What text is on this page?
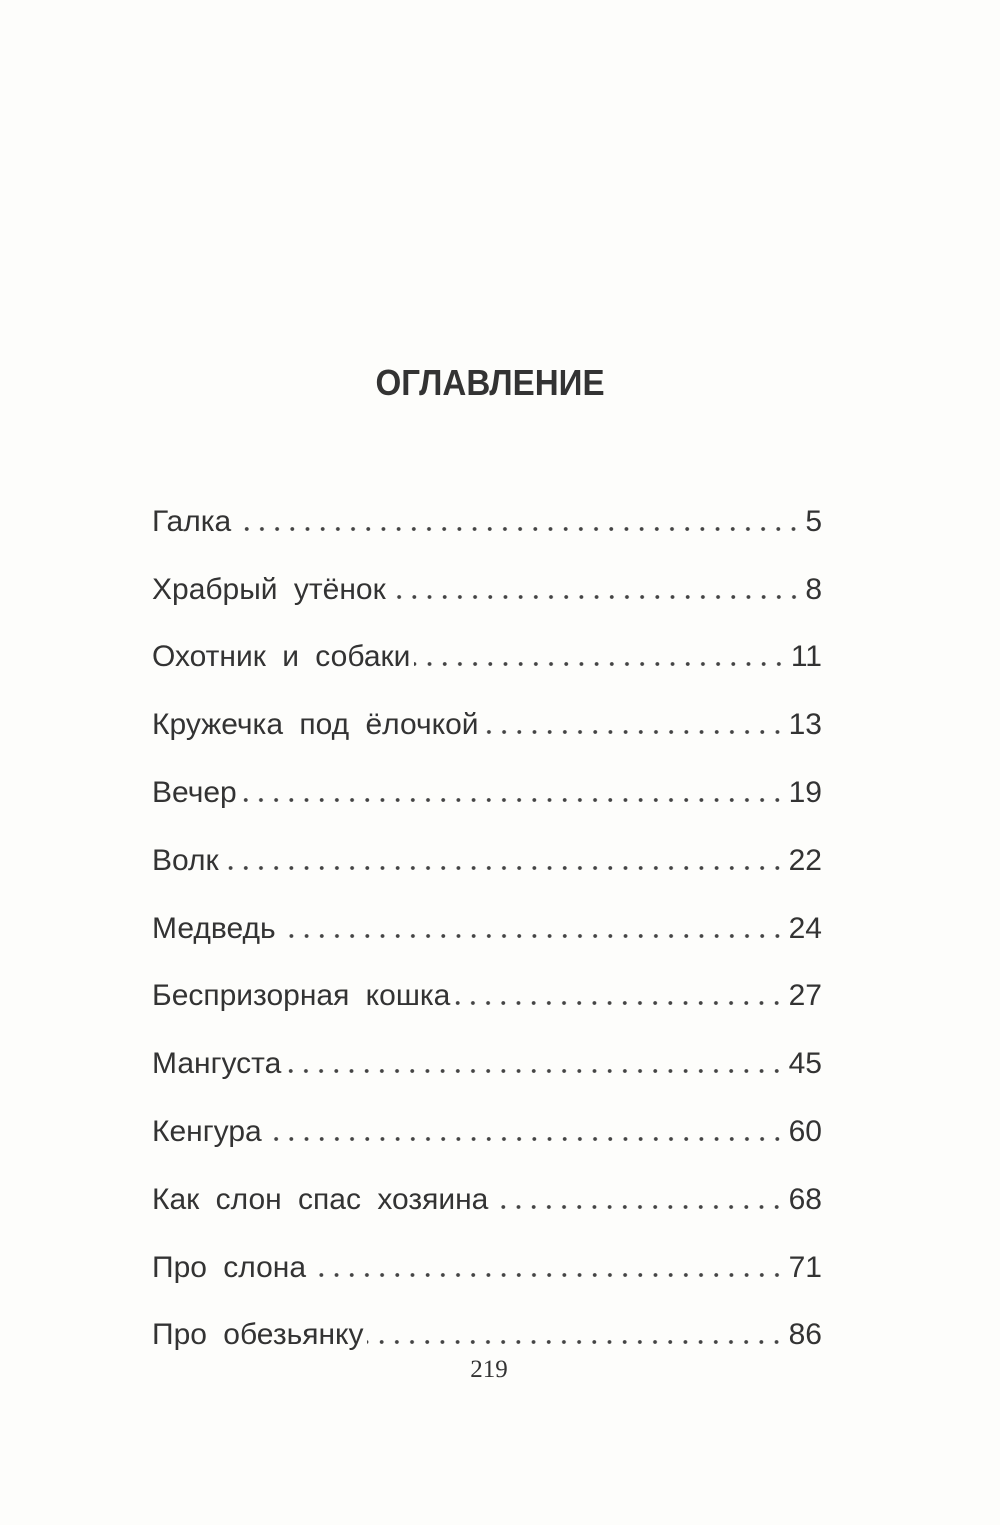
ОГЛАВЛЕНИЕ
Галка	5
Храбрый утёнок	8
Охотник и собаки	11
Кружечка под ёлочкой	13
Вечер	19
Волк	22
Медведь	24
Беспризорная кошка	27
Мангуста	45
Кенгура	60
Как слон спас хозяина	68
Про слона	71
Про обезьянку	86
219
